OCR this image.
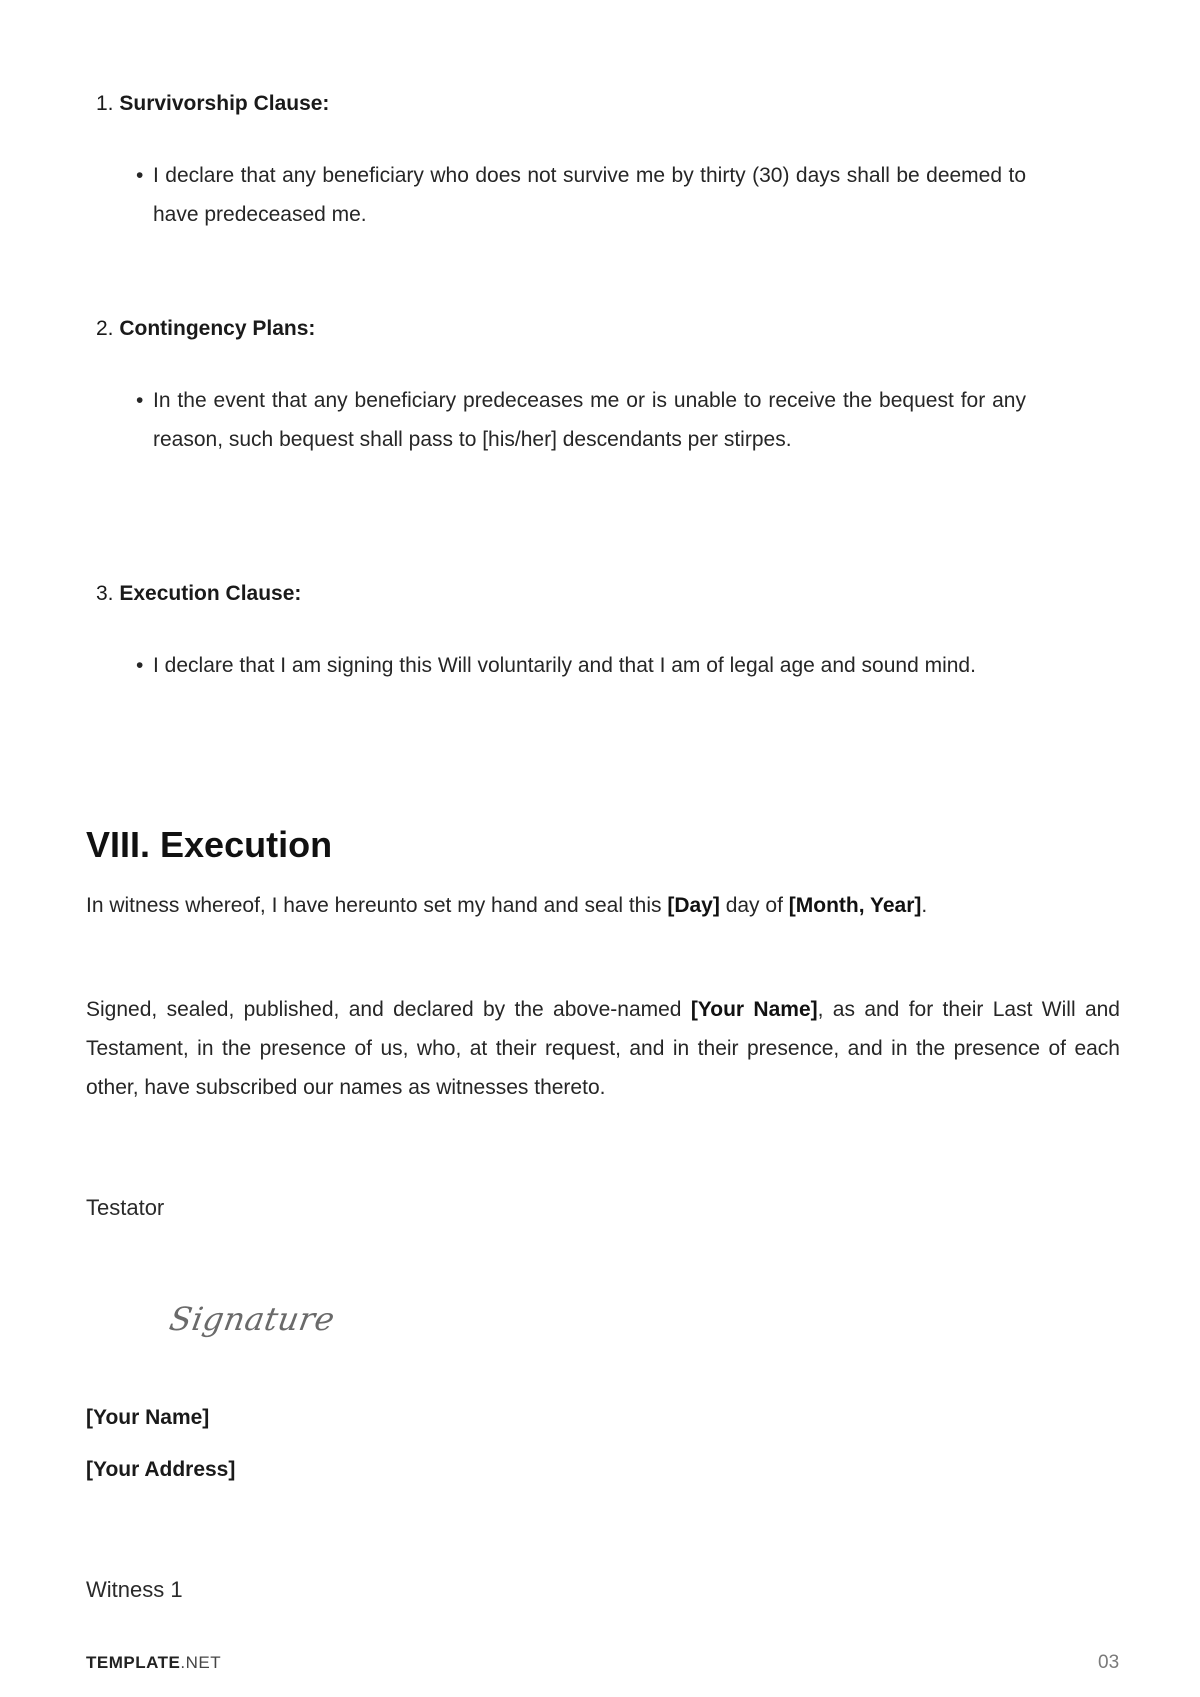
1. Survivorship Clause:

• I declare that any beneficiary who does not survive me by thirty (30) days shall be deemed to have predeceased me.

2. Contingency Plans:

• In the event that any beneficiary predeceases me or is unable to receive the bequest for any reason, such bequest shall pass to [his/her] descendants per stirpes.

3. Execution Clause:

• I declare that I am signing this Will voluntarily and that I am of legal age and sound mind.

VIII. Execution
In witness whereof, I have hereunto set my hand and seal this [Day] day of [Month, Year].
Signed, sealed, published, and declared by the above-named [Your Name], as and for their Last Will and Testament, in the presence of us, who, at their request, and in their presence, and in the presence of each other, have subscribed our names as witnesses thereto.
Testator
Signature
[Your Name]
[Your Address]
Witness 1
TEMPLATE.NET	03
